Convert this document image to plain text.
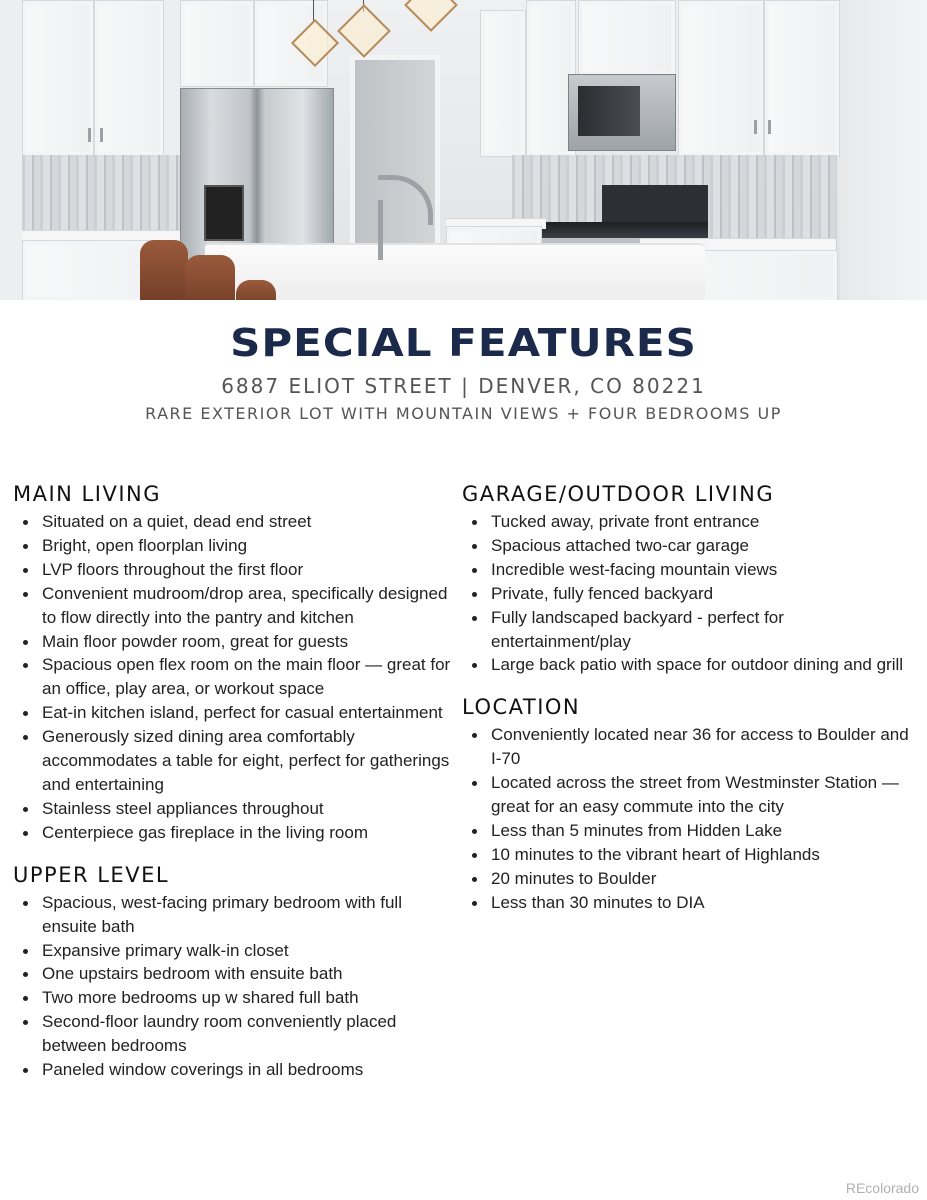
SPECIAL FEATURES
6887 ELIOT STREET | DENVER, CO 80221
RARE EXTERIOR LOT WITH MOUNTAIN VIEWS + FOUR BEDROOMS UP
MAIN LIVING
Situated on a quiet, dead end street
Bright, open floorplan living
LVP floors throughout the first floor
Convenient mudroom/drop area, specifically designed to flow directly into the pantry and kitchen
Main floor powder room, great for guests
Spacious open flex room on the main floor — great for an office, play area, or workout space
Eat-in kitchen island, perfect for casual entertainment
Generously sized dining area comfortably accommodates a table for eight, perfect for gatherings and entertaining
Stainless steel appliances throughout
Centerpiece gas fireplace in the living room
UPPER LEVEL
Spacious, west-facing primary bedroom with full ensuite bath
Expansive primary walk-in closet
One upstairs bedroom with ensuite bath
Two more bedrooms up w shared full bath
Second-floor laundry room conveniently placed between bedrooms
Paneled window coverings in all bedrooms
GARAGE/OUTDOOR LIVING
Tucked away, private front entrance
Spacious attached two-car garage
Incredible west-facing mountain views
Private, fully fenced backyard
Fully landscaped backyard - perfect for entertainment/play
Large back patio with space for outdoor dining and grill
LOCATION
Conveniently located near 36 for access to Boulder and I-70
Located across the street from Westminster Station — great for an easy commute into the city
Less than 5 minutes from Hidden Lake
10 minutes to the vibrant heart of Highlands
20 minutes to Boulder
Less than 30 minutes to DIA
REcolorado
